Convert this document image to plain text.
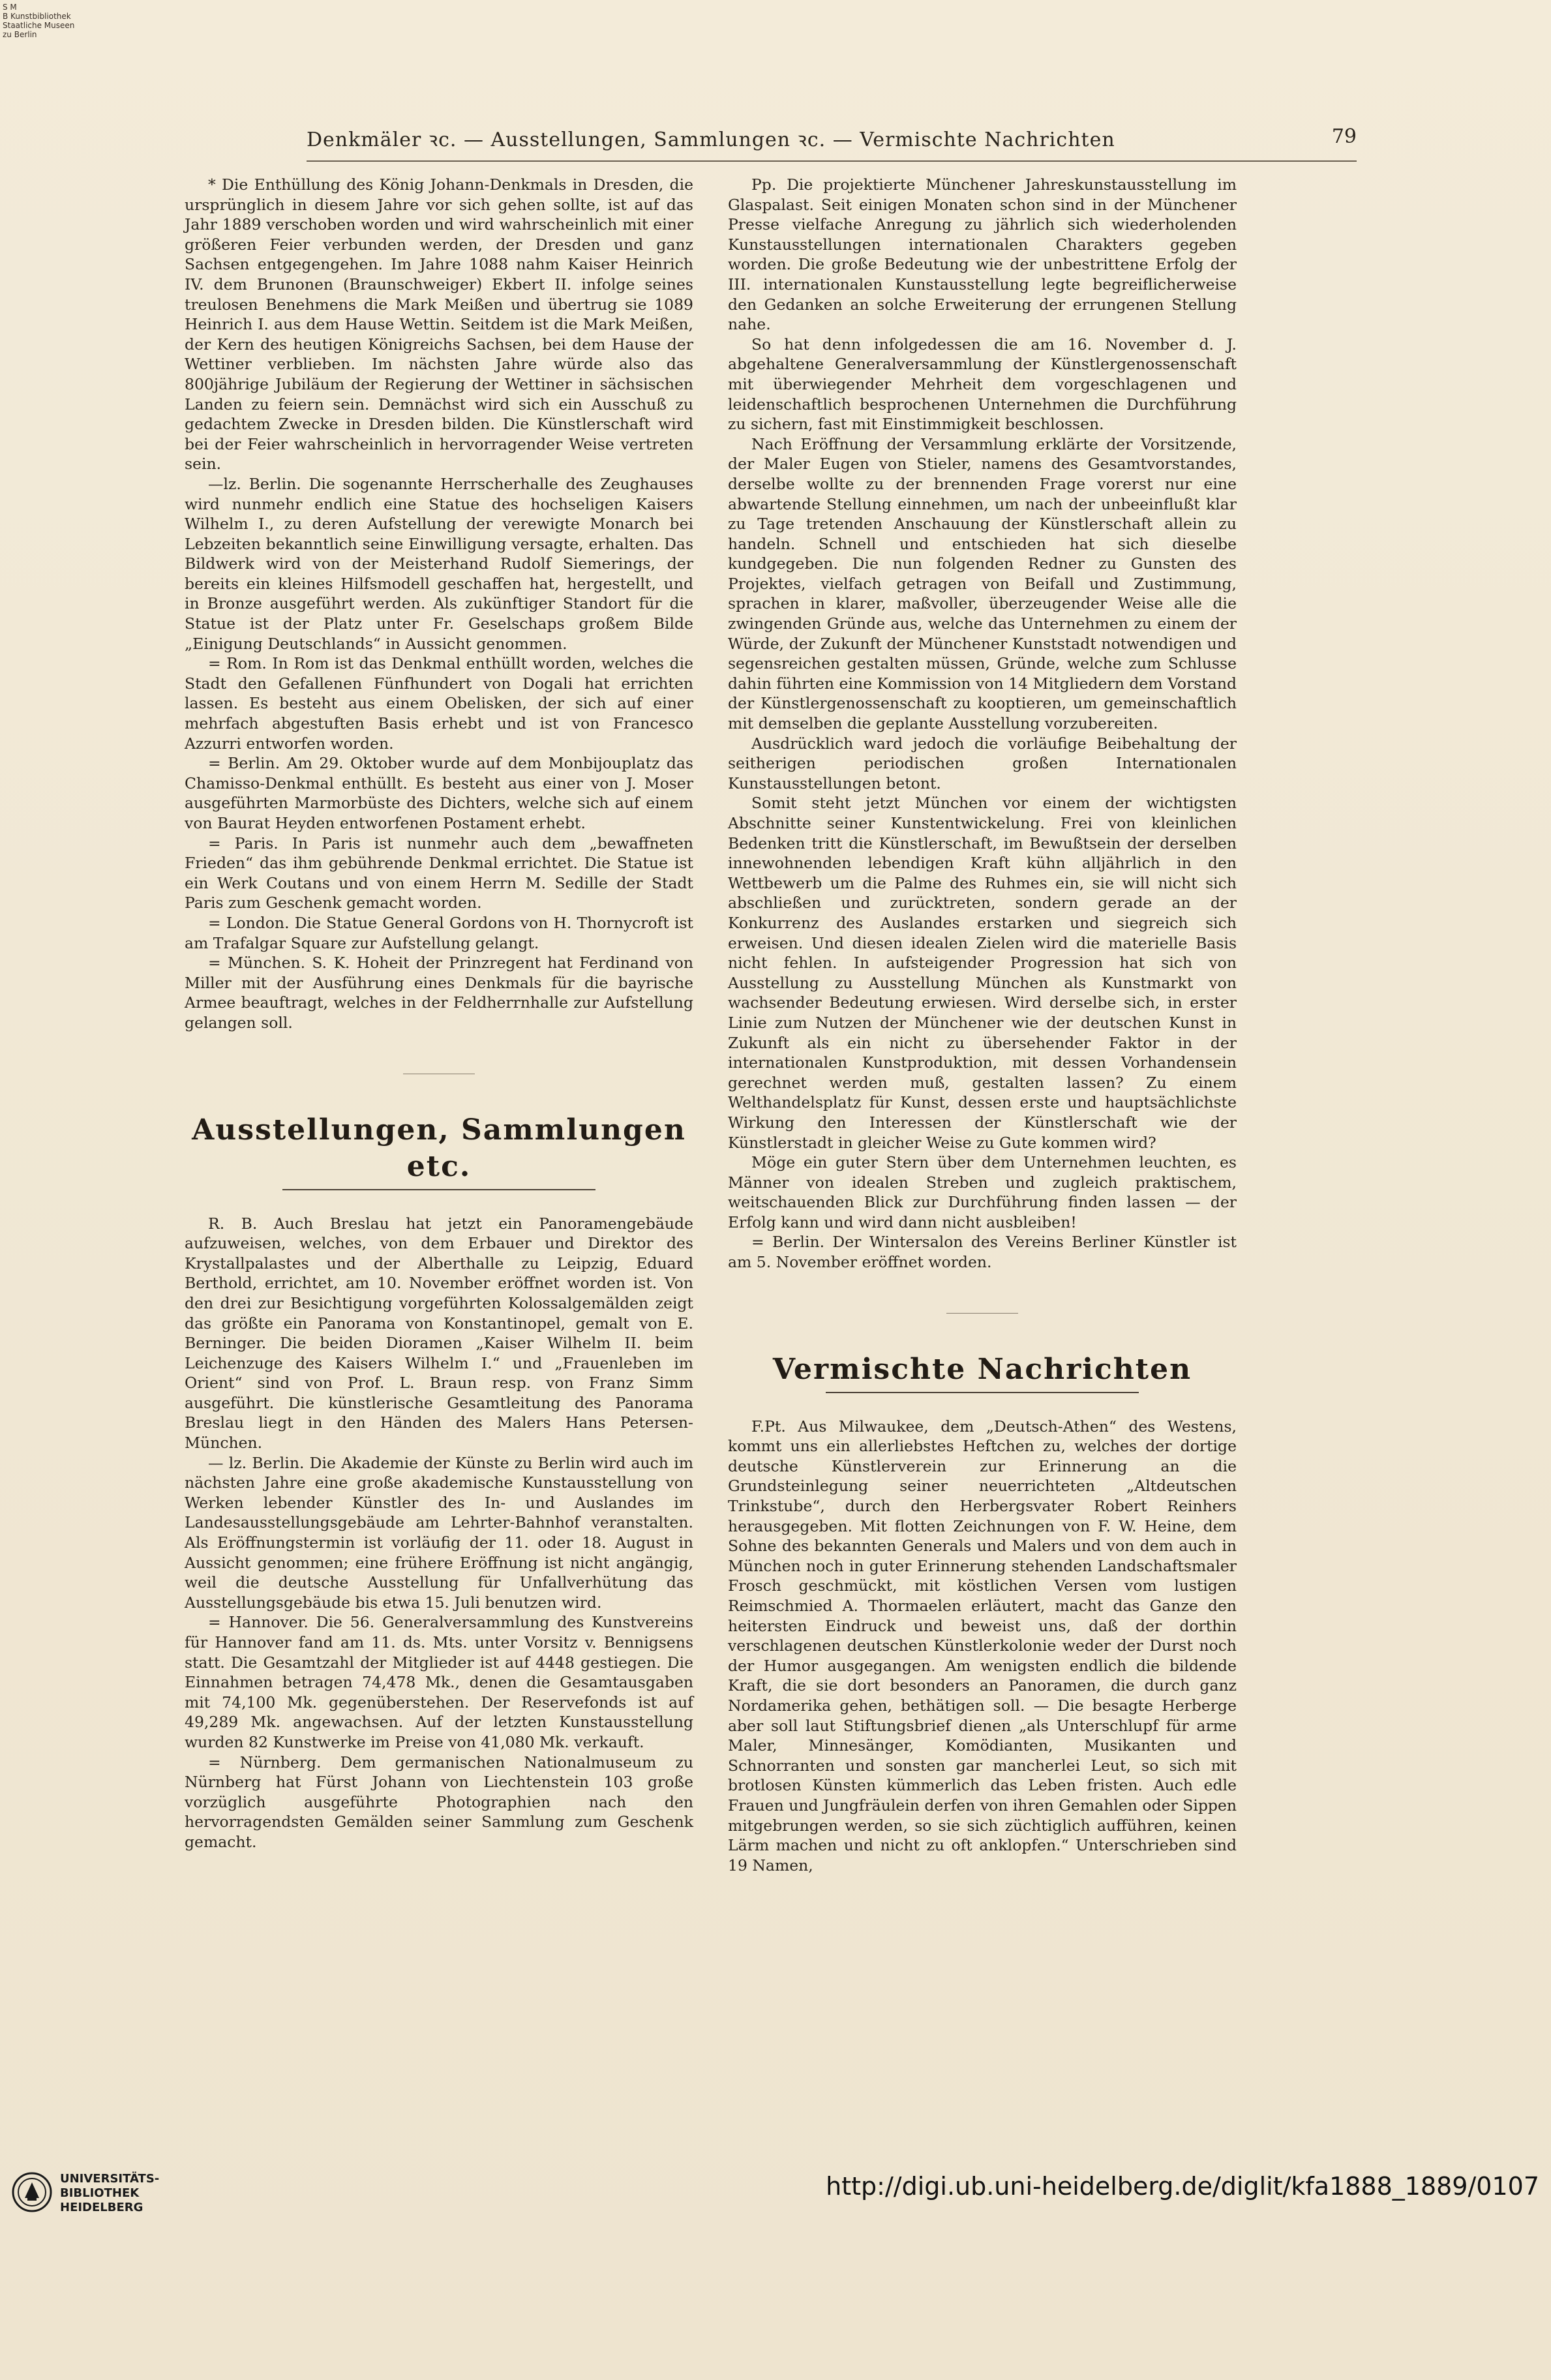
S M
B Kunstbibliothek
Staatliche Museen
zu Berlin
Denkmäler ꝛc. — Ausstellungen, Sammlungen ꝛc. — Vermischte Nachrichten	79

* Die Enthüllung des König Johann-Denkmals in Dresden, die ursprünglich in diesem Jahre vor sich gehen sollte, ist auf das Jahr 1889 verschoben worden und wird wahrscheinlich mit einer größeren Feier verbunden werden, der Dresden und ganz Sachsen entgegengehen. Im Jahre 1088 nahm Kaiser Heinrich IV. dem Brunonen (Braunschweiger) Ekbert II. infolge seines treulosen Benehmens die Mark Meißen und übertrug sie 1089 Heinrich I. aus dem Hause Wettin. Seitdem ist die Mark Meißen, der Kern des heutigen Königreichs Sachsen, bei dem Hause der Wettiner verblieben. Im nächsten Jahre würde also das 800jährige Jubiläum der Regierung der Wettiner in sächsischen Landen zu feiern sein. Demnächst wird sich ein Ausschuß zu gedachtem Zwecke in Dresden bilden. Die Künstlerschaft wird bei der Feier wahrscheinlich in hervorragender Weise vertreten sein.

—lz. Berlin. Die sogenannte Herrscherhalle des Zeughauses wird nunmehr endlich eine Statue des hochseligen Kaisers Wilhelm I., zu deren Aufstellung der verewigte Monarch bei Lebzeiten bekanntlich seine Einwilligung versagte, erhalten. Das Bildwerk wird von der Meisterhand Rudolf Siemerings, der bereits ein kleines Hilfsmodell geschaffen hat, hergestellt, und in Bronze ausgeführt werden. Als zukünftiger Standort für die Statue ist der Platz unter Fr. Geselschaps großem Bilde „Einigung Deutschlands“ in Aussicht genommen.

= Rom. In Rom ist das Denkmal enthüllt worden, welches die Stadt den Gefallenen Fünfhundert von Dogali hat errichten lassen. Es besteht aus einem Obelisken, der sich auf einer mehrfach abgestuften Basis erhebt und ist von Francesco Azzurri entworfen worden.

= Berlin. Am 29. Oktober wurde auf dem Monbijouplatz das Chamisso-Denkmal enthüllt. Es besteht aus einer von J. Moser ausgeführten Marmorbüste des Dichters, welche sich auf einem von Baurat Heyden entworfenen Postament erhebt.

= Paris. In Paris ist nunmehr auch dem „bewaffneten Frieden“ das ihm gebührende Denkmal errichtet. Die Statue ist ein Werk Coutans und von einem Herrn M. Sedille der Stadt Paris zum Geschenk gemacht worden.

= London. Die Statue General Gordons von H. Thornycroft ist am Trafalgar Square zur Aufstellung gelangt.

= München. S. K. Hoheit der Prinzregent hat Ferdinand von Miller mit der Ausführung eines Denkmals für die bayrische Armee beauftragt, welches in der Feldherrnhalle zur Aufstellung gelangen soll.

Ausstellungen, Sammlungen etc.

R. B. Auch Breslau hat jetzt ein Panoramengebäude aufzuweisen, welches, von dem Erbauer und Direktor des Krystallpalastes und der Alberthalle zu Leipzig, Eduard Berthold, errichtet, am 10. November eröffnet worden ist. Von den drei zur Besichtigung vorgeführten Kolossalgemälden zeigt das größte ein Panorama von Konstantinopel, gemalt von E. Berninger. Die beiden Dioramen „Kaiser Wilhelm II. beim Leichenzuge des Kaisers Wilhelm I.“ und „Frauenleben im Orient“ sind von Prof. L. Braun resp. von Franz Simm ausgeführt. Die künstlerische Gesamtleitung des Panorama Breslau liegt in den Händen des Malers Hans Petersen-München.

— lz. Berlin. Die Akademie der Künste zu Berlin wird auch im nächsten Jahre eine große akademische Kunstausstellung von Werken lebender Künstler des In- und Auslandes im Landesausstellungsgebäude am Lehrter-Bahnhof veranstalten. Als Eröffnungstermin ist vorläufig der 11. oder 18. August in Aussicht genommen; eine frühere Eröffnung ist nicht angängig, weil die deutsche Ausstellung für Unfallverhütung das Ausstellungsgebäude bis etwa 15. Juli benutzen wird.

= Hannover. Die 56. Generalversammlung des Kunstvereins für Hannover fand am 11. ds. Mts. unter Vorsitz v. Bennigsens statt. Die Gesamtzahl der Mitglieder ist auf 4448 gestiegen. Die Einnahmen betragen 74,478 Mk., denen die Gesamtausgaben mit 74,100 Mk. gegenüberstehen. Der Reservefonds ist auf 49,289 Mk. angewachsen. Auf der letzten Kunstausstellung wurden 82 Kunstwerke im Preise von 41,080 Mk. verkauft.

= Nürnberg. Dem germanischen Nationalmuseum zu Nürnberg hat Fürst Johann von Liechtenstein 103 große vorzüglich ausgeführte Photographien nach den hervorragendsten Gemälden seiner Sammlung zum Geschenk gemacht.

Pp. Die projektierte Münchener Jahreskunstausstellung im Glaspalast. Seit einigen Monaten schon sind in der Münchener Presse vielfache Anregung zu jährlich sich wiederholenden Kunstausstellungen internationalen Charakters gegeben worden. Die große Bedeutung wie der unbestrittene Erfolg der III. internationalen Kunstausstellung legte begreiflicherweise den Gedanken an solche Erweiterung der errungenen Stellung nahe.

So hat denn infolgedessen die am 16. November d. J. abgehaltene Generalversammlung der Künstlergenossenschaft mit überwiegender Mehrheit dem vorgeschlagenen und leidenschaftlich besprochenen Unternehmen die Durchführung zu sichern, fast mit Einstimmigkeit beschlossen.

Nach Eröffnung der Versammlung erklärte der Vorsitzende, der Maler Eugen von Stieler, namens des Gesamtvorstandes, derselbe wollte zu der brennenden Frage vorerst nur eine abwartende Stellung einnehmen, um nach der unbeeinflußt klar zu Tage tretenden Anschauung der Künstlerschaft allein zu handeln. Schnell und entschieden hat sich dieselbe kundgegeben. Die nun folgenden Redner zu Gunsten des Projektes, vielfach getragen von Beifall und Zustimmung, sprachen in klarer, maßvoller, überzeugender Weise alle die zwingenden Gründe aus, welche das Unternehmen zu einem der Würde, der Zukunft der Münchener Kunststadt notwendigen und segensreichen gestalten müssen, Gründe, welche zum Schlusse dahin führten eine Kommission von 14 Mitgliedern dem Vorstand der Künstlergenossenschaft zu kooptieren, um gemeinschaftlich mit demselben die geplante Ausstellung vorzubereiten.

Ausdrücklich ward jedoch die vorläufige Beibehaltung der seitherigen periodischen großen Internationalen Kunstausstellungen betont.

Somit steht jetzt München vor einem der wichtigsten Abschnitte seiner Kunstentwickelung. Frei von kleinlichen Bedenken tritt die Künstlerschaft, im Bewußtsein der derselben innewohnenden lebendigen Kraft kühn alljährlich in den Wettbewerb um die Palme des Ruhmes ein, sie will nicht sich abschließen und zurücktreten, sondern gerade an der Konkurrenz des Auslandes erstarken und siegreich sich erweisen. Und diesen idealen Zielen wird die materielle Basis nicht fehlen. In aufsteigender Progression hat sich von Ausstellung zu Ausstellung München als Kunstmarkt von wachsender Bedeutung erwiesen. Wird derselbe sich, in erster Linie zum Nutzen der Münchener wie der deutschen Kunst in Zukunft als ein nicht zu übersehender Faktor in der internationalen Kunstproduktion, mit dessen Vorhandensein gerechnet werden muß, gestalten lassen? Zu einem Welthandelsplatz für Kunst, dessen erste und hauptsächlichste Wirkung den Interessen der Künstlerschaft wie der Künstlerstadt in gleicher Weise zu Gute kommen wird?

Möge ein guter Stern über dem Unternehmen leuchten, es Männer von idealen Streben und zugleich praktischem, weitschauenden Blick zur Durchführung finden lassen — der Erfolg kann und wird dann nicht ausbleiben!

= Berlin. Der Wintersalon des Vereins Berliner Künstler ist am 5. November eröffnet worden.

Vermischte Nachrichten

F.Pt. Aus Milwaukee, dem „Deutsch-Athen“ des Westens, kommt uns ein allerliebstes Heftchen zu, welches der dortige deutsche Künstlerverein zur Erinnerung an die Grundsteinlegung seiner neuerrichteten „Altdeutschen Trinkstube“, durch den Herbergsvater Robert Reinhers herausgegeben. Mit flotten Zeichnungen von F. W. Heine, dem Sohne des bekannten Generals und Malers und von dem auch in München noch in guter Erinnerung stehenden Landschaftsmaler Frosch geschmückt, mit köstlichen Versen vom lustigen Reimschmied A. Thormaelen erläutert, macht das Ganze den heitersten Eindruck und beweist uns, daß der dorthin verschlagenen deutschen Künstlerkolonie weder der Durst noch der Humor ausgegangen. Am wenigsten endlich die bildende Kraft, die sie dort besonders an Panoramen, die durch ganz Nordamerika gehen, bethätigen soll. — Die besagte Herberge aber soll laut Stiftungsbrief dienen „als Unterschlupf für arme Maler, Minnesänger, Komödianten, Musikanten und Schnorranten und sonsten gar mancherlei Leut, so sich mit brotlosen Künsten kümmerlich das Leben fristen. Auch edle Frauen und Jungfräulein derfen von ihren Gemahlen oder Sippen mitgebrungen werden, so sie sich züchtiglich aufführen, keinen Lärm machen und nicht zu oft anklopfen.“ Unterschrieben sind 19 Namen,

UNIVERSITÄTS-
BIBLIOTHEK
HEIDELBERG
http://digi.ub.uni-heidelberg.de/diglit/kfa1888_1889/0107
